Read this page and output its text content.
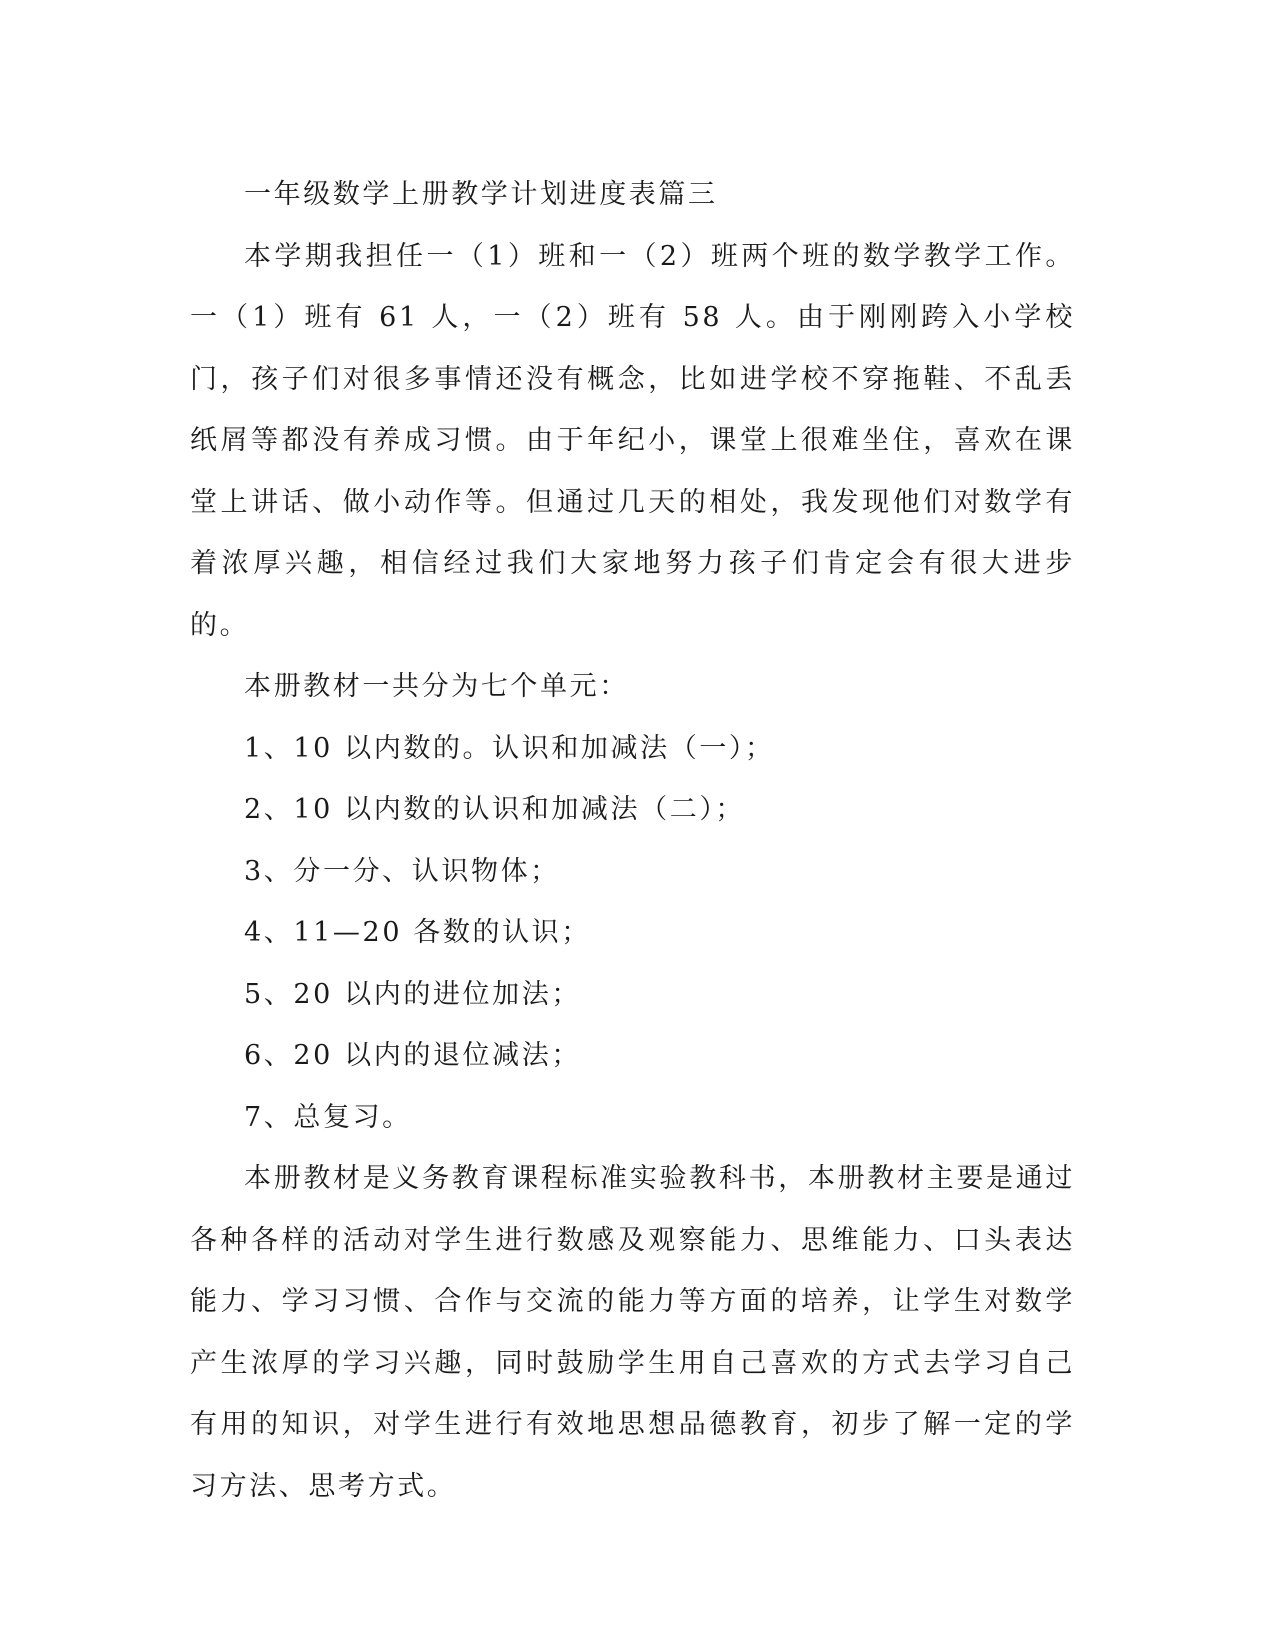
一年级数学上册教学计划进度表篇三

本学期我担任一（1）班和一（2）班两个班的数学教学工作。一（1）班有 61 人，一（2）班有 58 人。由于刚刚跨入小学校门，孩子们对很多事情还没有概念，比如进学校不穿拖鞋、不乱丢纸屑等都没有养成习惯。由于年纪小，课堂上很难坐住，喜欢在课堂上讲话、做小动作等。但通过几天的相处，我发现他们对数学有着浓厚兴趣，相信经过我们大家地努力孩子们肯定会有很大进步的。

本册教材一共分为七个单元：

1、10 以内数的。认识和加减法（一）；

2、10 以内数的认识和加减法（二）；

3、分一分、认识物体；

4、11—20 各数的认识；

5、20 以内的进位加法；

6、20 以内的退位减法；

7、总复习。

本册教材是义务教育课程标准实验教科书，本册教材主要是通过各种各样的活动对学生进行数感及观察能力、思维能力、口头表达能力、学习习惯、合作与交流的能力等方面的培养，让学生对数学产生浓厚的学习兴趣，同时鼓励学生用自己喜欢的方式去学习自己有用的知识，对学生进行有效地思想品德教育，初步了解一定的学习方法、思考方式。
